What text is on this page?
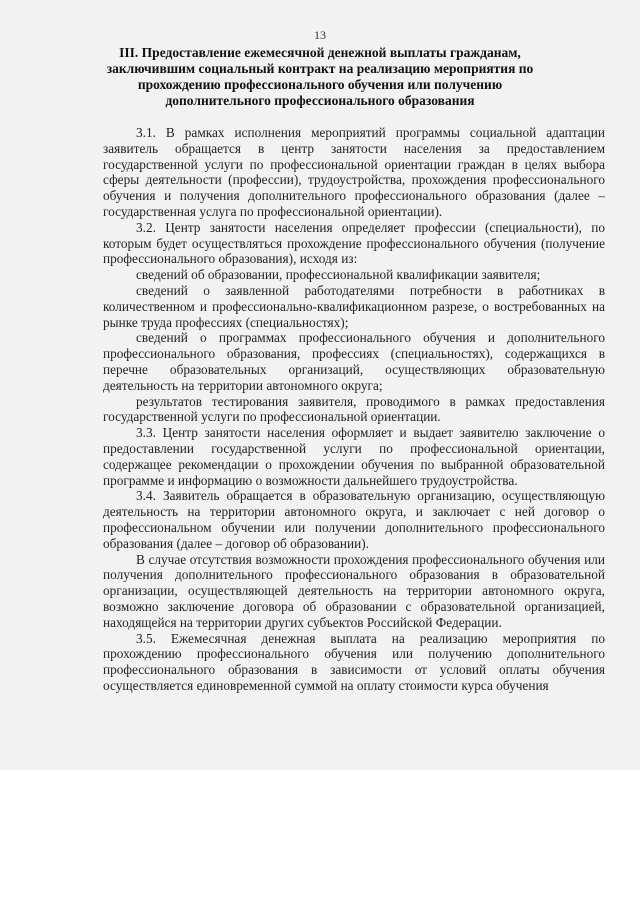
13
III. Предоставление ежемесячной денежной выплаты гражданам, заключившим социальный контракт на реализацию мероприятия по прохождению профессионального обучения или получению дополнительного профессионального образования

3.1. В рамках исполнения мероприятий программы социальной адаптации заявитель обращается в центр занятости населения за предоставлением государственной услуги по профессиональной ориентации граждан в целях выбора сферы деятельности (профессии), трудоустройства, прохождения профессионального обучения и получения дополнительного профессионального образования (далее – государственная услуга по профессиональной ориентации).

3.2. Центр занятости населения определяет профессии (специальности), по которым будет осуществляться прохождение профессионального обучения (получение профессионального образования), исходя из:

сведений об образовании, профессиональной квалификации заявителя;

сведений о заявленной работодателями потребности в работниках в количественном и профессионально-квалификационном разрезе, о востребованных на рынке труда профессиях (специальностях);

сведений о программах профессионального обучения и дополнительного профессионального образования, профессиях (специальностях), содержащихся в перечне образовательных организаций, осуществляющих образовательную деятельность на территории автономного округа;

результатов тестирования заявителя, проводимого в рамках предоставления государственной услуги по профессиональной ориентации.

3.3. Центр занятости населения оформляет и выдает заявителю заключение о предоставлении государственной услуги по профессиональной ориентации, содержащее рекомендации о прохождении обучения по выбранной образовательной программе и информацию о возможности дальнейшего трудоустройства.

3.4. Заявитель обращается в образовательную организацию, осуществляющую деятельность на территории автономного округа, и заключает с ней договор о профессиональном обучении или получении дополнительного профессионального образования (далее – договор об образовании).

В случае отсутствия возможности прохождения профессионального обучения или получения дополнительного профессионального образования в образовательной организации, осуществляющей деятельность на территории автономного округа, возможно заключение договора об образовании с образовательной организацией, находящейся на территории других субъектов Российской Федерации.

3.5. Ежемесячная денежная выплата на реализацию мероприятия по прохождению профессионального обучения или получению дополнительного профессионального образования в зависимости от условий оплаты обучения осуществляется единовременной суммой на оплату стоимости курса обучения
